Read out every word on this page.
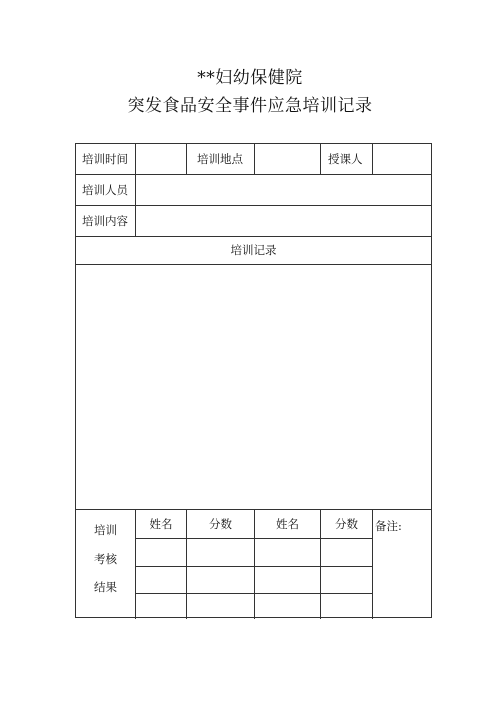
**妇幼保健院
突发食品安全事件应急培训记录
培训时间	培训地点	授课人
培训人员
培训内容
培训记录
培训
考核
结果
姓名	分数	姓名	分数	备注:
